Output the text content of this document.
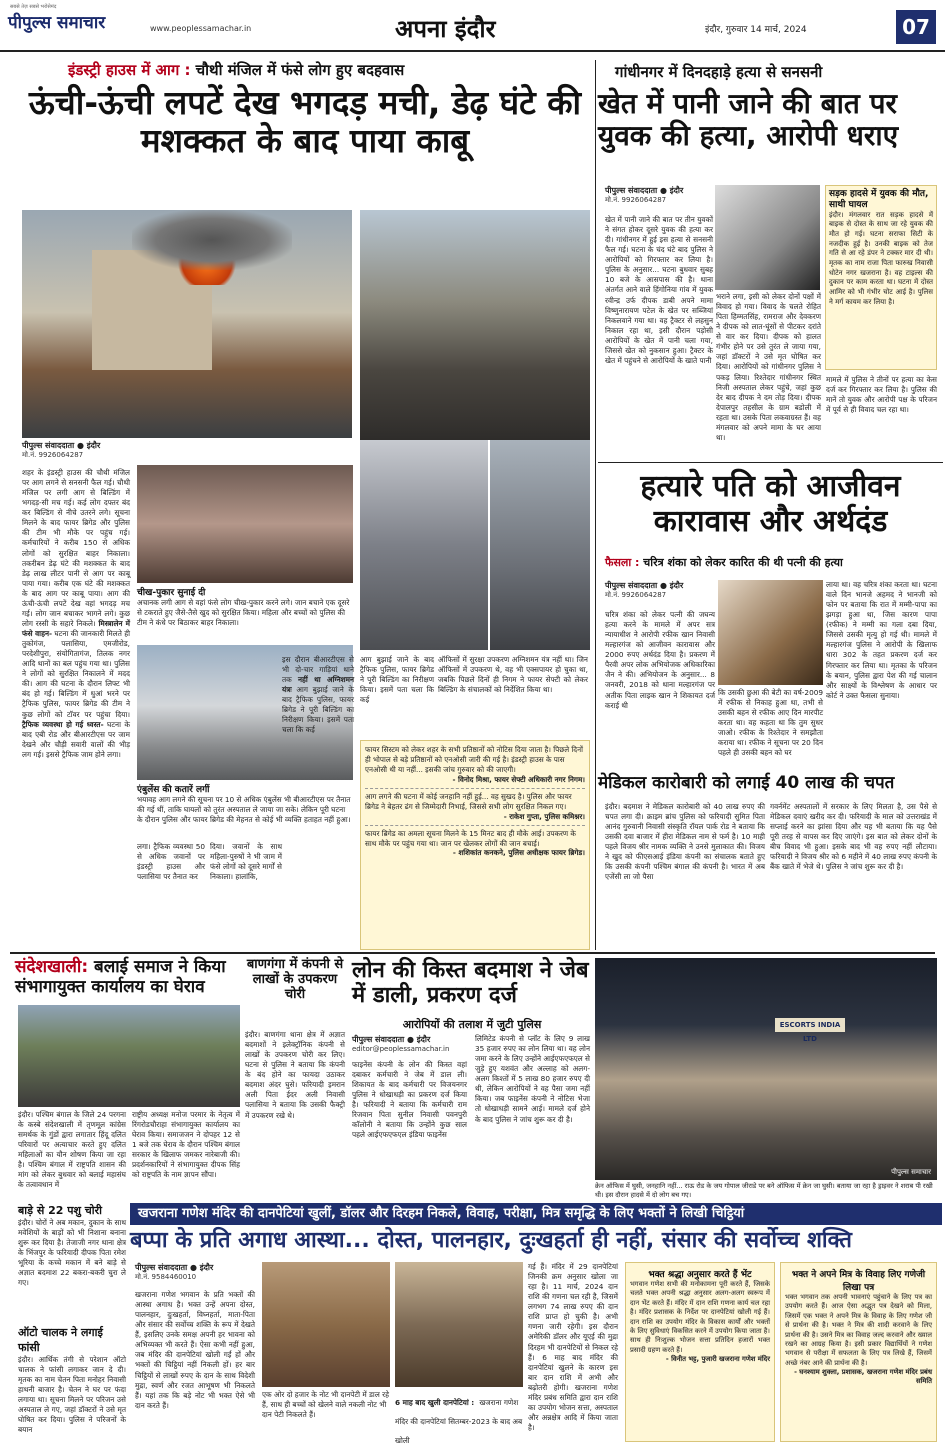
सबसे तेज़ सबसे भरोसेमंद
पीपुल्स समाचार	www.peoplessamachar.in	अपना इंदौर	इंदौर, गुरुवार 14 मार्च, 2024	07
इंडस्ट्री हाउस में आग : चौथी मंजिल में फंसे लोग हुए बदहवास
ऊंची-ऊंची लपटें देख भगदड़ मची, डेढ़ घंटे की मशक्कत के बाद पाया काबू
पीपुल्स संवाददाता ● इंदौर
मो.नं. 9926064287
शहर के इंडस्ट्री हाउस की चौथी मंजिल पर आग लगने से सनसनी फैल गई। चौथी मंजिल पर लगी आग से बिल्डिंग में भगदड़-सी मच गई। कई लोग दफ्तर बंद कर बिल्डिंग से नीचे उतरने लगे। सूचना मिलने के बाद फायर ब्रिगेड और पुलिस की टीम भी मौके पर पहुंच गई। कर्मचारियों ने करीब 150 से अधिक लोगों को सुरक्षित बाहर निकाला। तकरीबन डेढ़ घंटे की मशक्कत के बाद डेढ़ लाख लीटर पानी से आग पर काबू पाया गया। करीब एक घंटे की मशक्कत के बाद आग पर काबू पाया। आग की ऊंची-ऊंची लपटें देख वहां भगदड़ मच गई। लोग जान बचाकर भागने लगे। कुछ लोग रस्सी के सहारे निकले। मिस्त्रालेन में फंसे वाहन- घटना की जानकारी मिलते ही तुकोगंज, पलासिया, एमजीरोड, परदेशीपुरा, संयोगितागंज, तिलक नगर आदि थानों का बल पहुंच गया था। पुलिस ने लोगों को सुरक्षित निकालने में मदद की। आग की घटना के दौरान लिफ्ट भी बंद हो गई। बिल्डिंग में धुआं भरने पर ट्रैफिक पुलिस, फायर ब्रिगेड की टीम ने कुछ लोगों को टॉवर पर पहुंचा दिया। ट्रैफिक व्यवस्था हो गई ध्वस्त- घटना के बाद एबी रोड और बीआरटीएस पर जाम देखने और चौड़ी सवारी वालों की भीड़ लग गई। इससे ट्रैफिक जाम होने लगा।
चीख-पुकार सुनाई दी
अचानक लगी आग से वहां फंसे लोग चीख-पुकार करने लगे। जान बचाने एक दूसरे से टकराते हुए जैसे-तैसे खुद को सुरक्षित किया। महिला और बच्चों को पुलिस की टीम ने कंधे पर बिठाकर बाहर निकाला।
एंबुलेंस की कतारें लगीं
भयावह आग लगने की सूचना पर 10 से अधिक एंबुलेंस भी बीआरटीएस पर तैनात की गई थीं, ताकि घायलों को तुरंत अस्पताल ले जाया जा सके। लेकिन पूरी घटना के दौरान पुलिस और फायर ब्रिगेड की मेहनत से कोई भी व्यक्ति हताहत नहीं हुआ।
लगा। ट्रैफिक व्यवस्था 50 से अधिक जवानों पर इंडस्ट्री हाउस और पलासिया पर तैनात कर
दिया। जवानों के साथ महिला-पुरुषों ने भी जाम में फंसे लोगों को दूसरे मार्गों से निकाला। हालांकि,
इस दौरान बीआरटीएस से भी दो-चार गाड़ियां थाने तक नहीं था अग्निशमन यंत्रः आग बुझाई जाने के बाद ट्रैफिक पुलिस, फायर ब्रिगेड ने पूरी बिल्डिंग का निरीक्षण किया। इसमें पता चला कि कई
आग बुझाई जाने के बाद ट्रैफिक पुलिस, फायर ब्रिगेड ने पूरी बिल्डिंग का निरीक्षण किया। इसमें पता चला कि कई
ऑफिसों में सुरक्षा उपकरण अग्निशमन यंत्र नहीं था। जिन ऑफिसों में उपकरण थे, वह भी एक्सपायर हो चुका था, जबकि पिछले दिनों ही निगम ने फायर सेफ्टी को लेकर बिल्डिंग के संचालकों को निर्देशित किया था।
फायर सिस्टम को लेकर शहर के सभी प्रतिष्ठानों को नोटिस दिया जाता है। पिछले दिनों ही भोपाल से बड़े प्रतिष्ठानों को एनओसी जारी की गई है। इंडस्ट्री हाउस के पास एनओसी थी या नहीं... इसकी जांच गुरुवार को की जाएगी।
- विनोद मिश्रा, फायर सेफ्टी अधिकारी नगर निगम।
आग लगने की घटना में कोई जनहानि नहीं हुई... वह सुखद है। पुलिस और फायर ब्रिगेड ने बेहतर ढंग से जिम्मेदारी निभाई, जिससे सभी लोग सुरक्षित निकल गए।
- राकेश गुप्ता, पुलिस कमिश्नर।
फायर ब्रिगेड का अमला सूचना मिलने के 15 मिनट बाद ही मौके आई। उपकरण के साथ मौके पर पहुंच गया था। जान पर खेलकर लोगों की जान बचाई।
- शशिकांत कनकने, पुलिस अधीक्षक फायर ब्रिगेड।
गांधीनगर में दिनदहाड़े हत्या से सनसनी
खेत में पानी जाने की बात पर युवक की हत्या, आरोपी धराए
पीपुल्स संवाददाता ● इंदौर
मो.नं. 9926064287
खेत में पानी जाने की बात पर तीन युवकों ने संगत होकर दूसरे युवक की हत्या कर दी। गांधीनगर में हुई इस हत्या से सनसनी फैल गई। घटना के चंद घंटे बाद पुलिस ने आरोपियों को गिरफ्तार कर लिया है। पुलिस के अनुसार... घटना बुधवार सुबह 10 बजे के आसपास की है। थाना अंतर्गत आने वाले हिंगोनिया गांव में युवक रवीन्द्र उर्फ दीपक डाबी अपने मामा विष्णुनारायण पटेल के खेत पर सब्जियां निकलवाने गया था। वह ट्रैक्टर से लहसुन निकाल रहा था, इसी दौरान पड़ोसी आरोपियों के खेत में पानी चला गया, जिससे खेत को नुकसान हुआ। ट्रैक्टर के खेत में पहुंचने से आरोपियों के खाते पानी
भराने लगा, इसी को लेकर दोनों पक्षों में विवाद हो गया। विवाद के चलते रोहित पिता हिम्मतसिंह, रामराज और देवकरण ने दीपक को लात-घूंसों से पीटकर दरांते से वार कर दिया। दीपक को हालत गंभीर होने पर उसे तुरंत ले जाया गया, जहां डॉक्टरों ने उसे मृत घोषित कर दिया। आरोपियों को गांधीनगर पुलिस ने पकड़ लिया। रिश्तेदार गांधीनगर स्थित निजी अस्पताल लेकर पहुंचे, जहां कुछ देर बाद दीपक ने दम तोड़ दिया। दीपक देपालपुर तहसील के ग्राम बडोली में रहता था। उसके पिता लकवाग्रस्त हैं। वह मंगलवार को अपने मामा के घर आया था।
सड़क हादसे में युवक की मौत, साथी घायल
इंदौर। मंगलवार रात सड़क हादसे में बाइक से दोस्त के साथ जा रहे युवक की मौत हो गई। घटना सराफा सिटी के नजदीक हुई है। उनकी बाइक को तेज गति से आ रहे डंपर ने टक्कर मार दी थी। मृतक का नाम राजा पिता फारुख निवासी धोटेन नगर खजराना है। वह टाइल्स की दुकान पर काम करता था। घटना में दोस्त आमिर को भी गंभीर चोट आई है। पुलिस ने मर्ग कायम कर लिया है।
मामले में पुलिस ने तीनों पर हत्या का केस दर्ज कर गिरफ्तार कर लिया है। पुलिस की मानें तो युवक और आरोपी पक्ष के परिजन में पूर्व से ही विवाद चल रहा था।
हत्यारे पति को आजीवन कारावास और अर्थदंड
फैसला : चरित्र शंका को लेकर कारित की थी पत्नी की हत्या
पीपुल्स संवाददाता ● इंदौर
मो.नं. 9926064287
चरित्र शंका को लेकर पत्नी की जघन्य हत्या करने के मामले में अपर सत्र न्यायाधीश ने आरोपी रफीक खान निवासी मल्हारगंज को आजीवन कारावास और 2000 रुपए अर्थदंड दिया है। प्रकरण में पैरवी अपर लोक अभियोजक अधिकारिका जैन ने की। अभियोजन के अनुसार... 8 जनवरी, 2018 को थाना मल्हारगंज पर अतीक पिता लाइक खान ने शिकायत दर्ज कराई थी
कि उसकी छुआ की बेटी का वर्ष-2009 में रफीक से निकाह हुआ था, तभी से उसकी बहन से रफीक आए दिन मारपीट करता था। वह कहता था कि तुम सुधर जाओ। रफीक के रिश्तेदार ने समझौता कराया था। रफीक ने सूचना पर 20 दिन पहले ही उसकी बहन को घर
लाया था। वह चरित्र शंका करता था। घटना वाले दिन भानजे अहमद ने भानजी को फोन पर बताया कि रात में मम्मी-पापा का झगड़ा हुआ था, जिस कारण पापा (रफीक) ने मम्मी का गला दबा दिया, जिससे उसकी मृत्यु हो गई थी। मामले में मल्हारगंज पुलिस ने आरोपी के खिलाफ धारा 302 के तहत प्रकरण दर्ज कर गिरफ्तार कर लिया था। मृतका के परिजन के बयान, पुलिस द्वारा पेश की गई चालान और साक्ष्यों के विश्लेषण के आधार पर कोर्ट ने उक्त फैसला सुनाया।
मेडिकल कारोबारी को लगाई 40 लाख की चपत
इंदौर। बदमाश ने मेडिकल कारोबारी को 40 लाख रुपए की चपत लगा दी। क्राइम ब्रांच पुलिस को फरियादी सुमित पिता आनंद गुरुवानी निवासी संस्कृति रॉयल पार्क रोड ने बताया कि उसकी दवा बाजार में हीरा मेडिकल नाम से फर्म है। 10 माही पहले विजय श्रीर नामक व्यक्ति ने उनसे मुलाकात की। विजय ने खुद को फीएसआई इंडिया कंपनी का संचालक बताते हुए कि उसकी कंपनी पश्चिम बंगाल की कंपनी है। भारत में अब एजेंसी ला जो पैसा
गवर्नमेंट अस्पतालों में सरकार के लिए मिलता है, उस पैसे से मेडिकल दवाएं खरीद कर दी। फरियादी के माल को उत्तराखंड में सप्लाई करने का झांसा दिया और यह भी बताया कि यह पैसे पूरी तरह से वापस कर दिए जाएंगे। इस बात को लेकर दोनों के बीच विवाद भी हुआ। इसके बाद भी वह रुपए नहीं लौटाया। फरियादी ने विजय श्रीर को 6 महीने में 40 लाख रुपए कंपनी के बैंक खाते में भेजे थे। पुलिस ने जांच शुरू कर दी है।
संदेशखाली: बलाई समाज ने किया संभागायुक्त कार्यालय का घेराव
इंदौर। पश्चिम बंगाल के जिले 24 परगना के कस्बे संदेशखाली में तृणमूल कांग्रेस समर्थक के गुंडों द्वारा लगातार हिंदू दलित परिवारों पर अत्याचार करते हुए दलित महिलाओं का यौन शोषण किया जा रहा है। पश्चिम बंगाल में राष्ट्रपति शासन की मांग को लेकर बुधवार को बलाई महासंघ के तत्वावधान में
राष्ट्रीय अध्यक्ष मनोज परमार के नेतृत्व में रिंगरोडचौराहा संभागायुक्त कार्यालय का घेराव किया। समाजजन ने दोपहर 12 से 1 बजे तक घेराव के दौरान पश्चिम बंगाल सरकार के खिलाफ जमकर नारेबाजी की। प्रदर्शनकारियों ने संभागायुक्त दीपक सिंह को राष्ट्रपति के नाम ज्ञापन सौंपा।
बाड़े से 22 पशु चोरी
इंदौर। चोरों ने अब मकान, दुकान के साथ मवेशियों के बाड़ों को भी निशाना बनाना शुरू कर दिया है। तेजाजी नगर थाना क्षेत्र के भिंजपुर के फरियादी दीपक पिता रमेश भूरिया के कच्चे मकान में बने बाड़े से अज्ञात बदमाश 22 बकरा-बकरी चुरा ले गए।
ऑटो चालक ने लगाई फांसी
इंदौर। आर्थिक तंगी से परेशान ऑटो चालक ने फांसी लगाकर जान दे दी। मृतक का नाम चेतन पिता मनोहर निवासी हाथनी बाजार है। चेतन ने घर पर फंदा लगाया था। सूचना मिलने पर परिजन उसे अस्पताल ले गए, जहां डॉक्टरों ने उसे मृत घोषित कर दिया। पुलिस ने परिजनों के बयान
बाणगंगा में कंपनी से लाखों के उपकरण चोरी
इंदौर। बाणगंगा थाना क्षेत्र में अज्ञात बदमाशों ने इलेक्ट्रॉनिक कंपनी से लाखों के उपकरण चोरी कर लिए। घटना से पुलिस ने बताया कि कंपनी के बंद होने का फायदा उठाकर बदमाश अंदर घुसे। फरियादी इमरान अली पिता ईदर अली निवासी पलासिया ने बताया कि उसकी फैक्ट्री में उपकरण रखे थे।
लोन की किस्त बदमाश ने जेब में डाली, प्रकरण दर्ज
आरोपियों की तलाश में जुटी पुलिस
पीपुल्स संवाददाता ● इंदौर
editor@peoplessamachar.in
फाइनेंस कंपनी के लोन की किस्त वहां दबाकर कर्मचारी ने जेब में डाल ली। शिकायत के बाद कर्मचारी पर विजयनगर पुलिस ने धोखाधड़ी का प्रकरण दर्ज किया है। फरियादी ने बताया कि कर्मचारी राम रिजवान पिता सुनील निवासी पवनपुरी कॉलोनी ने बताया कि उन्होंने कुछ साल पहले आईएफएफएल इंडिया फाइनेंस
लिमिटेड कंपनी से प्लॉट के लिए 9 लाख 35 हजार रुपए का लोन लिया था। वह लोन जमा करने के लिए उन्होंने आईएफएफएल से जुड़े हुए यशवंत और अल्लाह को अलग-अलग किश्तों में 5 लाख 80 हजार रुपए दी थी, लेकिन आरोपियों ने वह पैसा जमा नहीं किया। जब फाइनेंस कंपनी ने नोटिस भेजा तो धोखाधड़ी सामने आई। मामले दर्ज होने के बाद पुलिस ने जांच शुरू कर दी है।
ESCORTS INDIA LTD
पीपुल्स समाचार
क्रेन ऑफिस में घुसी, जनहानि नहीं... राऊ रोड के जय गोपाल जीराडे पर बने ऑफिस में क्रेन जा घुसी। बताया जा रहा है ड्राइवर ने शराब पी रखी थी। इस दौरान हादसे में दो लोग बच गए।
खजराना गणेश मंदिर की दानपेटियां खुलीं, डॉलर और दिरहम निकले, विवाह, परीक्षा, मित्र समृद्धि के लिए भक्तों ने लिखी चिट्ठियां
बप्पा के प्रति अगाध आस्था... दोस्त, पालनहार, दुःखहर्ता ही नहीं, संसार की सर्वोच्च शक्ति
पीपुल्स संवाददाता ● इंदौर
मो.नं. 9584460010
खजराना गणेश भगवान के प्रति भक्तों की आस्था अगाध है। भक्त उन्हें अपना दोस्त, पालनहार, दुःखहर्ता, विघ्नहर्ता, माता-पिता और संसार की सर्वोच्च शक्ति के रूप में देखते हैं, इसलिए उनके समक्ष अपनी हर भावना को अभिव्यक्त भी करते हैं। ऐसा कभी नहीं हुआ, जब मंदिर की दानपेटियां खोली गईं हों और भक्तों की चिट्ठियां नहीं निकली हों। हर बार चिट्ठियों से लाखों रुपए के दान के साथ विदेशी मुद्रा, स्वर्ण और रजत आभूषण भी निकलते हैं। यहां तक कि बड़े नोट भी भक्त ऐसे भी दान करते हैं।
एक ओर दो हजार के नोट भी दानपेटी में डाल रहे हैं, साथ ही बच्चों को खेलने वाले नकली नोट भी दान पेटी निकलते हैं।
6 माह बाद खुली दानपेटियां : खजराना गणेश मंदिर की दानपेटियां सितम्बर-2023 के बाद अब खोली
गई हैं। मंदिर में 29 दानपेटियां जिनकी क्रम अनुसार खोला जा रहा है। 11 मार्च, 2024 दान राशि की गणना चल रही है, जिसमें लगभग 74 लाख रुपए की दान राशि प्राप्त हो चुकी है। अभी गणना जारी रहेगी। इस दौरान अमेरिकी डॉलर और यूएई की मुद्रा दिरहम भी दानपेटियों से निकल रहे हैं। 6 माह बाद मंदिर की दानपेटियां खुलने के कारण इस बार दान राशि में अभी और बढ़ोतरी होगी। खजराना गणेश मंदिर प्रबंध समिति द्वारा दान राशि का उपयोग भोजन सत्ता, अस्पताल और अन्नक्षेत्र आदि में किया जाता है।
भक्त श्रद्धा अनुसार करते हैं भेंट
भगवान गणेश सभी की मनोकामना पूरी करते हैं, जिसके चलते भक्त अपनी श्रद्धा अनुसार अलग-अलग स्वरूप में दान भेंट करते हैं। मंदिर में दान राशि गणना कार्य चल रहा है। मंदिर प्रशासक के निर्देश पर दानपेटियां खोली गई हैं। दान राशि का उपयोग मंदिर के विकास कार्यों और भक्तों के लिए सुविधाएं विकसित करने में उपयोग किया जाता है। साथ ही निःशुल्क भोजन सत्ता प्रतिदिन हजारों भक्त प्रसादी ग्रहण करते हैं।
- विनीत भट्ट, पुजारी खजराना गणेश मंदिर
भक्त ने अपने मित्र के विवाह लिए गणेजी लिखा पत्र
भक्त भगवान तक अपनी भावनाएं पहुंचाने के लिए पत्र का उपयोग करते हैं। आज ऐसा अद्भुत पत्र देखने को मिला, जिसमें एक भक्त ने अपने मित्र के विवाह के लिए गणेश जी से प्रार्थना की है। भक्त ने मित्र की शादी करवाने के लिए प्रार्थना की है। उसने मित्र का विवाह जल्द करवाने और ख्याल रखने का आग्रह किया है। इसी प्रकार विद्यार्थियों ने गणेश भगवान से परीक्षा में सफलता के लिए पत्र लिखे हैं, जिसमें अच्छे नंबर आने की प्रार्थना की है।
- घनश्याम शुक्ला, प्रशासक, खजराना गणेश मंदिर प्रबंध समिति
